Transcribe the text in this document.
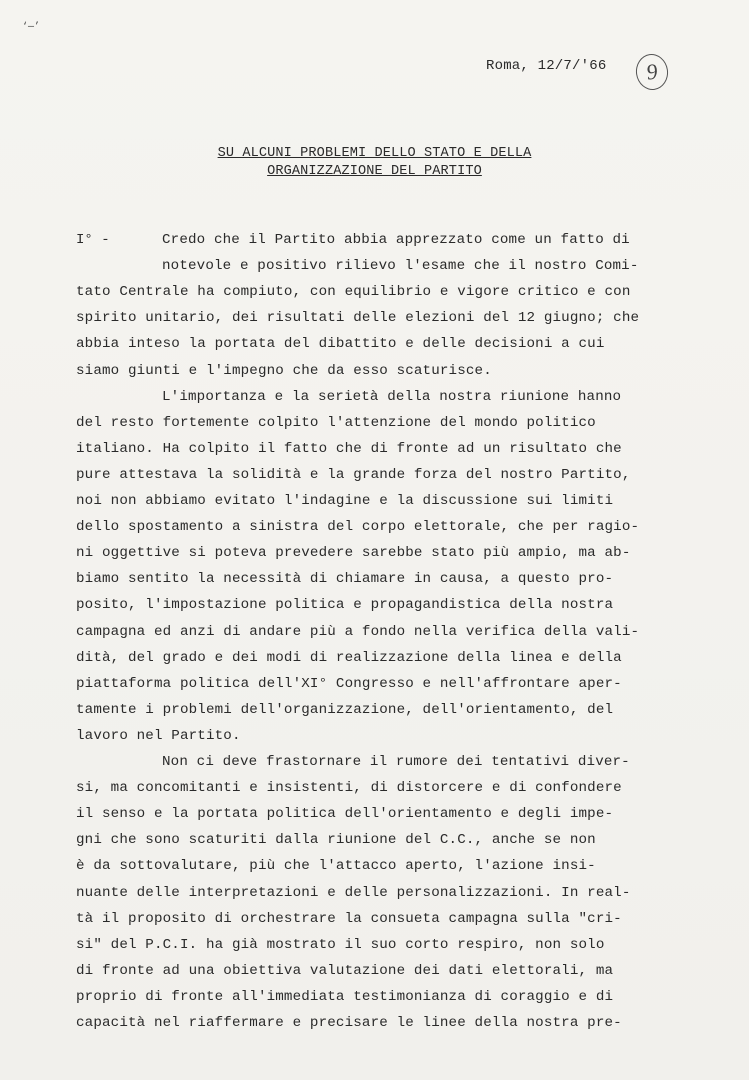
‘—’
Roma, 12/7/'66	9
SU ALCUNI PROBLEMI DELLO STATO E DELLA
ORGANIZZAZIONE DEL PARTITO
I° -	Credo che il Partito abbia apprezzato come un fatto di
notevole e positivo rilievo l'esame che il nostro Comi-
tato Centrale ha compiuto, con equilibrio e vigore critico e con
spirito unitario, dei risultati delle elezioni del 12 giugno; che
abbia inteso la portata del dibattito e delle decisioni a cui
siamo giunti e l'impegno che da esso scaturisce.
L'importanza e la serietà della nostra riunione hanno
del resto fortemente colpito l'attenzione del mondo politico
italiano. Ha colpito il fatto che di fronte ad un risultato che
pure attestava la solidità e la grande forza del nostro Partito,
noi non abbiamo evitato l'indagine e la discussione sui limiti
dello spostamento a sinistra del corpo elettorale, che per ragio-
ni oggettive si poteva prevedere sarebbe stato più ampio, ma ab-
biamo sentito la necessità di chiamare in causa, a questo pro-
posito, l'impostazione politica e propagandistica della nostra
campagna ed anzi di andare più a fondo nella verifica della vali-
dità, del grado e dei modi di realizzazione della linea e della
piattaforma politica dell'XI° Congresso e nell'affrontare aper-
tamente i problemi dell'organizzazione, dell'orientamento, del
lavoro nel Partito.
Non ci deve frastornare il rumore dei tentativi diver-
si, ma concomitanti e insistenti, di distorcere e di confondere
il senso e la portata politica dell'orientamento e degli impe-
gni che sono scaturiti dalla riunione del C.C., anche se non
è da sottovalutare, più che l'attacco aperto, l'azione insi-
nuante delle interpretazioni e delle personalizzazioni. In real-
tà il proposito di orchestrare la consueta campagna sulla "cri-
si" del P.C.I. ha già mostrato il suo corto respiro, non solo
di fronte ad una obiettiva valutazione dei dati elettorali, ma
proprio di fronte all'immediata testimonianza di coraggio e di
capacità nel riaffermare e precisare le linee della nostra pre-
